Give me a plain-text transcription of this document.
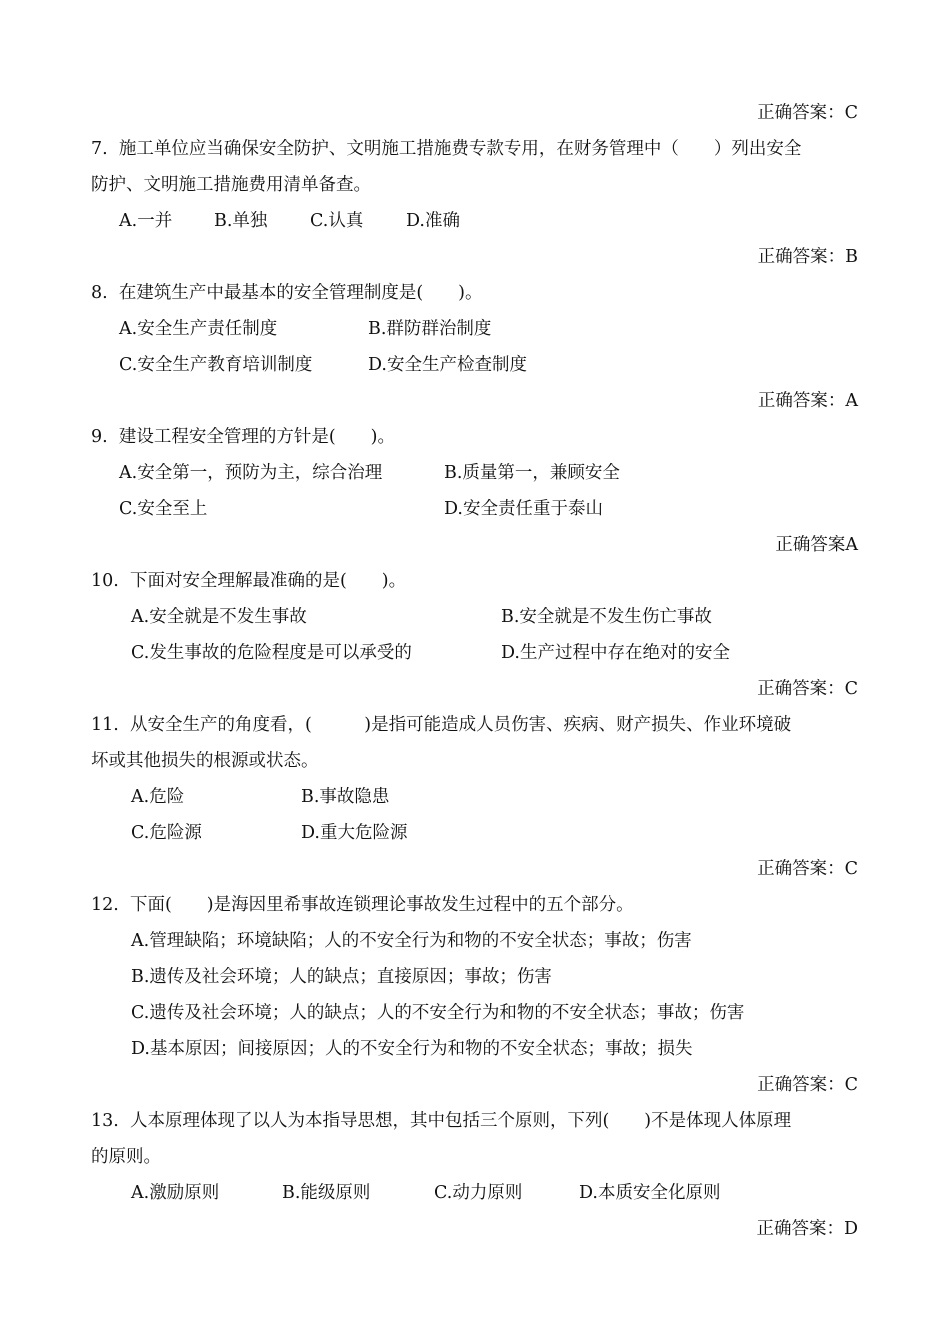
正确答案：C
7. 施工单位应当确保安全防护、文明施工措施费专款专用，在财务管理中（　　）列出安全
防护、文明施工措施费用清单备查。
A.一并 B.单独 C.认真 D.准确
正确答案：B
8. 在建筑生产中最基本的安全管理制度是(　　)。
A.安全生产责任制度	B.群防群治制度
C.安全生产教育培训制度	D.安全生产检查制度
正确答案：A
9. 建设工程安全管理的方针是(　　)。
A.安全第一，预防为主，综合治理	B.质量第一，兼顾安全
C.安全至上	D.安全责任重于泰山
正确答案A
10. 下面对安全理解最准确的是(　　)。
A.安全就是不发生事故	B.安全就是不发生伤亡事故
C.发生事故的危险程度是可以承受的	D.生产过程中存在绝对的安全
正确答案：C
11. 从安全生产的角度看，(　　　)是指可能造成人员伤害、疾病、财产损失、作业环境破
坏或其他损失的根源或状态。
A.危险	B.事故隐患
C.危险源	D.重大危险源
正确答案：C
12. 下面(　　)是海因里希事故连锁理论事故发生过程中的五个部分。
A.管理缺陷；环境缺陷；人的不安全行为和物的不安全状态；事故；伤害
B.遗传及社会环境；人的缺点；直接原因；事故；伤害
C.遗传及社会环境；人的缺点；人的不安全行为和物的不安全状态；事故；伤害
D.基本原因；间接原因；人的不安全行为和物的不安全状态；事故；损失
正确答案：C
13. 人本原理体现了以人为本指导思想，其中包括三个原则，下列(　　)不是体现人体原理
的原则。
A.激励原则	B.能级原则	C.动力原则	D.本质安全化原则
正确答案：D
